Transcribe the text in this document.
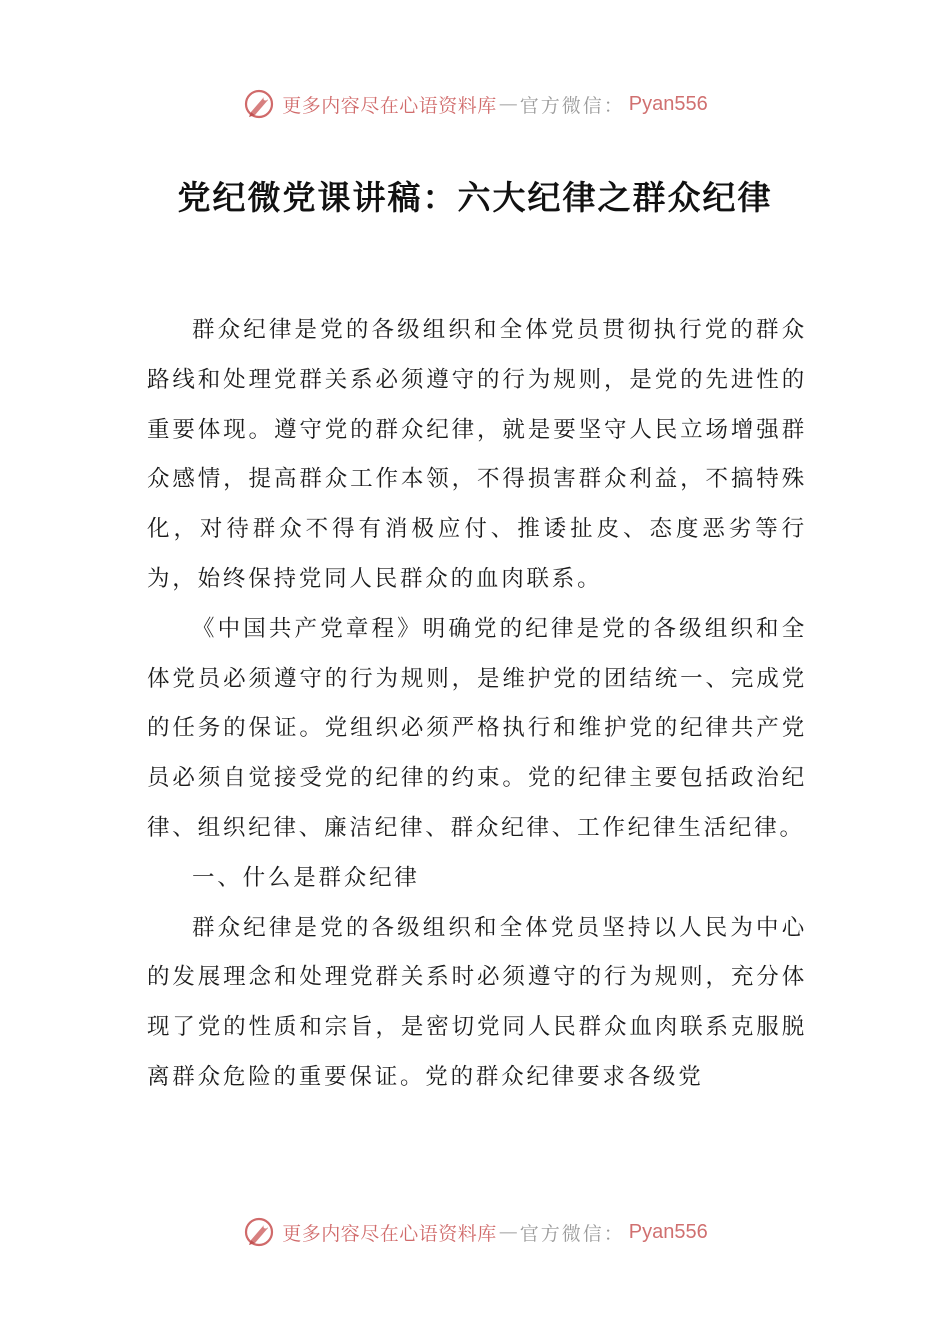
更多内容尽在心语资料库 — 官方微信： Pyan556
党纪微党课讲稿：六大纪律之群众纪律

群众纪律是党的各级组织和全体党员贯彻执行党的群众路线和处理党群关系必须遵守的行为规则，是党的先进性的重要体现。遵守党的群众纪律，就是要坚守人民立场增强群众感情，提高群众工作本领，不得损害群众利益，不搞特殊化，对待群众不得有消极应付、推诿扯皮、态度恶劣等行为，始终保持党同人民群众的血肉联系。

《中国共产党章程》明确党的纪律是党的各级组织和全体党员必须遵守的行为规则，是维护党的团结统一、完成党的任务的保证。党组织必须严格执行和维护党的纪律共产党员必须自觉接受党的纪律的约束。党的纪律主要包括政治纪律、组织纪律、廉洁纪律、群众纪律、工作纪律生活纪律。

一、什么是群众纪律

群众纪律是党的各级组织和全体党员坚持以人民为中心的发展理念和处理党群关系时必须遵守的行为规则，充分体现了党的性质和宗旨，是密切党同人民群众血肉联系克服脱离群众危险的重要保证。党的群众纪律要求各级党

更多内容尽在心语资料库 — 官方微信： Pyan556
